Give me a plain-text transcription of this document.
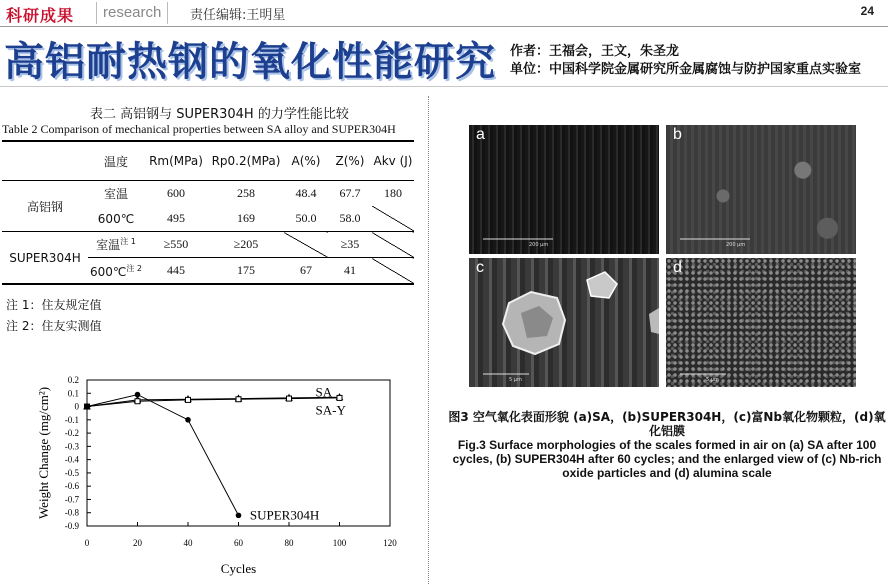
科研成果	research	责任编辑:王明星	24
高铝耐热钢的氧化性能研究 作者：王福会，王文，朱圣龙
单位：中国科学院金属研究所金属腐蚀与防护国家重点实验室
表二 高铝钢与 SUPER304H 的力学性能比较
Table 2 Comparison of mechanical properties between SA alloy and SUPER304H
	温度	Rm(MPa)	Rp0.2(MPa)	A(%)	Z(%)	Akv (J)
高铝钢	室温	600	258	48.4	67.7	180
	600℃	495	169	50.0	58.0	
SUPER304H	室温$^{注 1}$	≥550	≥205		≥35	
	600℃$^{注 2}$	445	175	67	41	
注 1：住友规定值
注 2：住友实测值
0.2
0.1
0
-0.1
-0.2
-0.3
-0.4
-0.5
-0.6
-0.7
-0.8
-0.9
0	20	40	60	80	100	120
Cycles
Weight Change (mg/cm²)	SA
SA-Y
SUPER304H
a
200 μm
b
200 μm
c
5 μm
d
5 μm
图3 空气氧化表面形貌 (a)SA，(b)SUPER304H，(c)富Nb氧化物颗粒，(d)氧化铝膜
Fig.3 Surface morphologies of the scales formed in air on (a) SA after 100 cycles, (b) SUPER304H after 60 cycles; and the enlarged view of (c) Nb-rich oxide particles and (d) alumina scale
